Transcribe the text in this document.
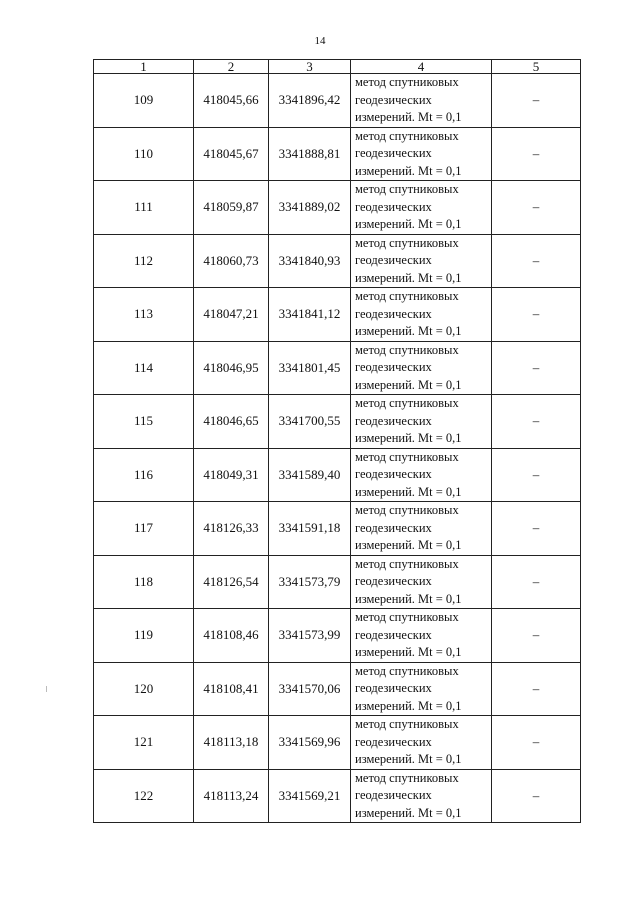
14
1	2	3	4	5
109	418045,66	3341896,42	метод спутниковых
геодезических
измерений. Mt = 0,1	–
110	418045,67	3341888,81	метод спутниковых
геодезических
измерений. Mt = 0,1	–
111	418059,87	3341889,02	метод спутниковых
геодезических
измерений. Mt = 0,1	–
112	418060,73	3341840,93	метод спутниковых
геодезических
измерений. Mt = 0,1	–
113	418047,21	3341841,12	метод спутниковых
геодезических
измерений. Mt = 0,1	–
114	418046,95	3341801,45	метод спутниковых
геодезических
измерений. Mt = 0,1	–
115	418046,65	3341700,55	метод спутниковых
геодезических
измерений. Mt = 0,1	–
116	418049,31	3341589,40	метод спутниковых
геодезических
измерений. Mt = 0,1	–
117	418126,33	3341591,18	метод спутниковых
геодезических
измерений. Mt = 0,1	–
118	418126,54	3341573,79	метод спутниковых
геодезических
измерений. Mt = 0,1	–
119	418108,46	3341573,99	метод спутниковых
геодезических
измерений. Mt = 0,1	–
120	418108,41	3341570,06	метод спутниковых
геодезических
измерений. Mt = 0,1	–
121	418113,18	3341569,96	метод спутниковых
геодезических
измерений. Mt = 0,1	–
122	418113,24	3341569,21	метод спутниковых
геодезических
измерений. Mt = 0,1	–
